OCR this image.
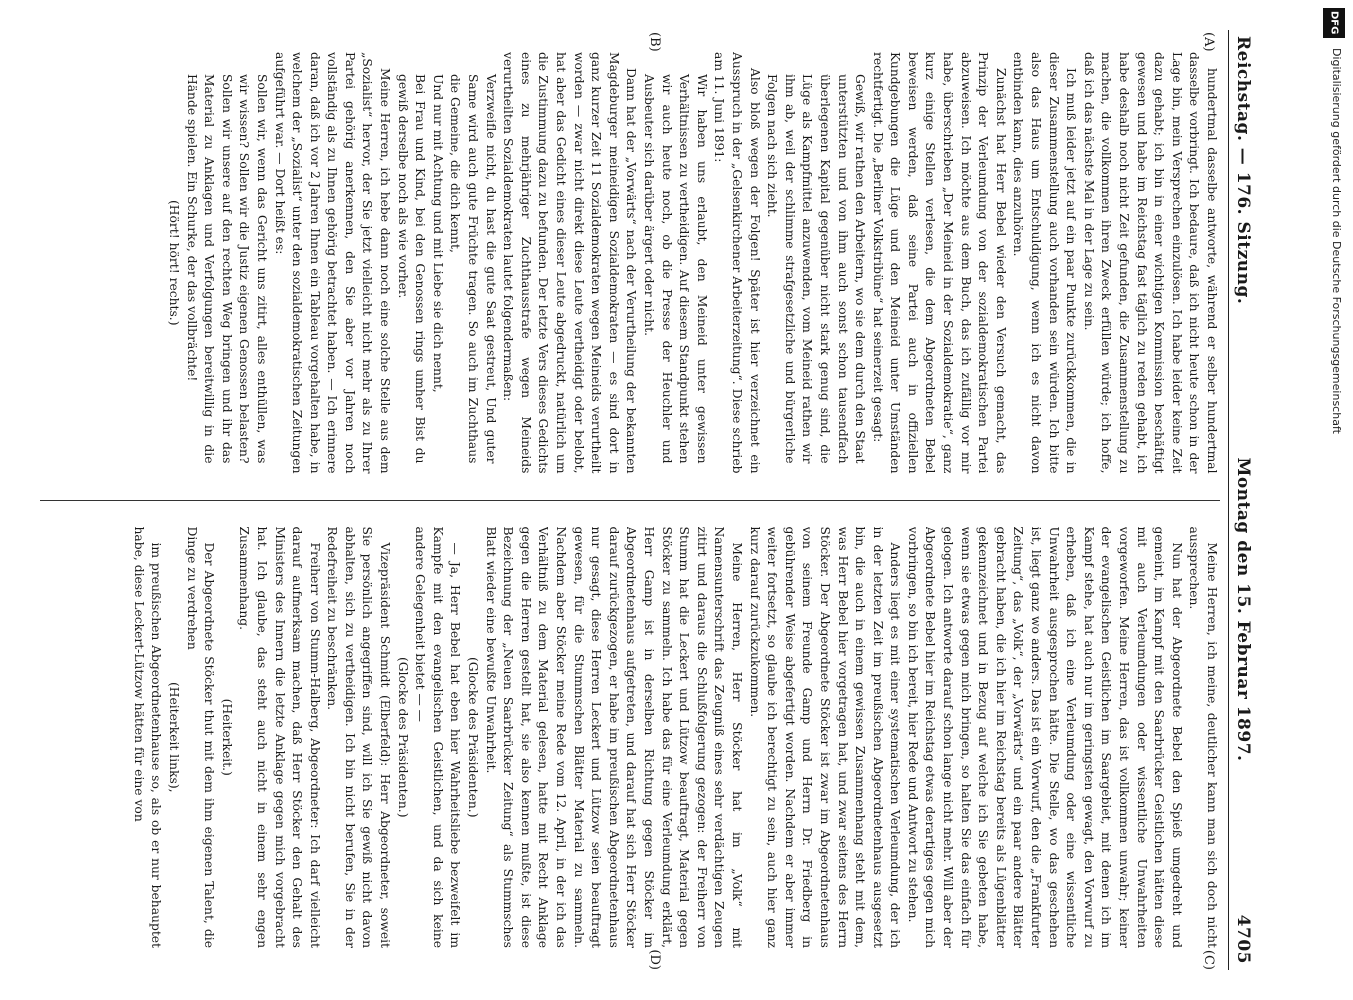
Reichstag. — 176. Sitzung.
Montag den 15. Februar 1897.
4705

hundertmal dasselbe antworte, während er selber hundertmal dasselbe vorbringt. Ich bedaure, daß ich nicht heute schon in der Lage bin, mein Versprechen einzulösen. Ich habe leider keine Zeit dazu gehabt; ich bin in einer wichtigen Kommission beschäftigt gewesen und habe im Reichstag fast täglich zu reden gehabt, ich habe deshalb noch nicht Zeit gefunden, die Zusammenstellung zu machen, die vollkommen ihren Zweck erfüllen würde; ich hoffe, daß ich das nächste Mal in der Lage zu sein.

Ich muß leider jetzt auf ein paar Punkte zurückkommen, die in dieser Zusammenstellung auch vorhanden sein würden. Ich bitte also das Haus um Entschuldigung, wenn ich es nicht davon entbinden kann, dies anzuhören.

Zunächst hat Herr Bebel wieder den Versuch gemacht, das Prinzip der Verleumdung von der sozialdemokratischen Partei abzuweisen. Ich möchte aus dem Buch, das ich zufällig vor mir habe, überschrieben „Der Meineid in der Sozialdemokratie“, ganz kurz einige Stellen verlesen, die dem Abgeordneten Bebel beweisen werden, daß seine Partei auch in offiziellen Kundgebungen die Lüge und den Meineid unter Umständen rechtfertigt. Die „Berliner Volkstribüne“ hat seinerzeit gesagt:

Gewiß, wir rathen den Arbeitern, wo sie dem durch den Staat unterstützten und von ihm auch sonst schon tausendfach überlegenen Kapital gegenüber nicht stark genug sind, die Lüge als Kampfmittel anzuwenden, vom Meineid rathen wir ihm ab, weil der schlimme strafgesetzliche und bürgerliche Folgen nach sich zieht.

Also bloß wegen der Folgen! Später ist hier verzeichnet ein Ausspruch in der „Gelsenkirchener Arbeiterzeitung“. Diese schrieb am 11. Juni 1891:

Wir haben uns erlaubt, den Meineid unter gewissen Verhältnissen zu vertheidigen. Auf diesem Standpunkt stehen wir auch heute noch, ob die Presse der Heuchler und Ausbeuter sich darüber ärgert oder nicht.

Dann hat der „Vorwärts“ nach der Verurtheilung der bekannten Magdeburger meineidigen Sozialdemokraten — es sind dort in ganz kurzer Zeit 11 Sozialdemokraten wegen Meineids verurtheilt worden — zwar nicht direkt diese Leute vertheidigt oder belobt, hat aber das Gedicht eines dieser Leute abgedruckt, natürlich um die Zustimmung dazu zu befunden. Der letzte Vers dieses Gedichts eines zu mehrjähriger Zuchthausstrafe wegen Meineids verurtheilten Sozialdemokraten lautet folgendermaßen:

Verzweifle nicht, du hast die gute Saat gestreut, Und guter Same wird auch gute Früchte tragen. So auch im Zuchthaus die Gemeine, die dich kennt,

Und nur mit Achtung und mit Liebe sie dich nennt,

Bei Frau und Kind, bei den Genossen rings umher Bist du gewiß derselbe noch als wie vorher.

Meine Herren, ich hebe dann noch eine solche Stelle aus dem „Sozialist“ hervor, der Sie jetzt vielleicht nicht mehr als zu Ihrer Partei gehörig anerkennen, den Sie aber vor Jahren noch vollständig als zu Ihnen gehörig betrachtet haben. — Ich erinnere daran, daß ich vor 2 Jahren Ihnen ein Tableau vorgehalten habe, in welchem der „Sozialist“ unter den sozialdemokratischen Zeitungen aufgeführt war. — Dort heißt es:

Sollen wir, wenn das Gericht uns zitirt, alles enthüllen, was wir wissen? Sollen wir die Justiz eigenen Genossen belasten? Sollen wir unsere auf den rechten Weg bringen und ihr das Material zu Anklagen und Verfolgungen bereitwillig in die Hände spielen. Ein Schurke, der das vollbrächte!

(Hört! hört! rechts.)

Meine Herren, ich meine, deutlicher kann man sich doch nicht aussprechen.

Nun hat der Abgeordnete Bebel den Spieß umgedreht und gemeint, im Kampf mit den Saarbrücker Geistlichen hätten diese mit auch Verleumdungen oder wissentliche Unwahrheiten vorgeworfen. Meine Herren, das ist vollkommen unwahr; keiner der evangelischen Geistlichen im Saargebiet, mit denen ich im Kampf stehe, hat auch nur im geringsten gewagt, den Vorwurf zu erheben, daß ich eine Verleumdung oder eine wissentliche Unwahrheit ausgesprochen hätte. Die Stelle, wo das geschehen ist, liegt ganz wo anders. Das ist ein Vorwurf, den die „Frankfurter Zeitung“, das „Volk“, der „Vorwärts“ und ein paar andere Blätter gebracht haben, die ich hier im Reichstag bereits als Lügenblätter gekennzeichnet und in Bezug auf welche ich Sie gebeten habe, wenn sie etwas gegen mich bringen, so halten Sie das einfach für gelogen. Ich antworte darauf schon lange nicht mehr. Will aber der Abgeordnete Bebel hier im Reichstag etwas derartiges gegen mich vorbringen, so bin ich bereit, hier Rede und Antwort zu stehen.

Anders liegt es mit einer systematischen Verleumdung, der ich in der letzten Zeit im preußischen Abgeordnetenhaus ausgesetzt bin, die auch in einem gewissen Zusammenhang steht mit dem, was Herr Bebel hier vorgetragen hat, und zwar seitens des Herrn Stöcker. Der Abgeordnete Stöcker ist zwar im Abgeordnetenhaus von seinem Freunde Gamp und Herrn Dr. Friedberg in gebührender Weise abgefertigt worden. Nachdem er aber immer weiter fortsetzt, so glaube ich berechtigt zu sein, auch hier ganz kurz darauf zurückzukommen.

Meine Herren, Herr Stöcker hat im „Volk“ mit Namensunterschrift das Zeugniß eines sehr verdächtigen Zeugen zitirt und daraus die Schlußfolgerung gezogen: der Freiherr von Stumm hat die Leckert und Lützow beauftragt, Material gegen Stöcker zu sammeln. Ich habe das für eine Verleumdung erklärt, Herr Gamp ist in derselben Richtung gegen Stöcker im Abgeordnetenhaus aufgetreten, und darauf hat sich Herr Stöcker darauf zurückgezogen, er habe im preußischen Abgeordnetenhaus nur gesagt, diese Herren Leckert und Lützow seien beauftragt gewesen, für die Stummschen Blätter Material zu sammeln. Nachdem aber Stöcker meine Rede vom 12. April, in der ich das Verhältniß zu dem Material gelesen, hatte mit Recht Anklage gegen die Herren gestellt hat, sie also kennen mußte, ist diese Bezeichnung der „Neuen Saarbrücker Zeitung“ als Stummsches Blatt wieder eine bewußte Unwahrheit.

(Glocke des Präsidenten.)

— Ja, Herr Bebel hat eben hier Wahrheitsliebe bezweifelt im Kampfe mit den evangelischen Geistlichen, und da sich keine andere Gelegenheit bietet — —

(Glocke des Präsidenten.)

Vizepräsident Schmidt (Elberfeld): Herr Abgeordneter, soweit Sie persönlich angegriffen sind, will ich Sie gewiß nicht davon abhalten, sich zu vertheidigen. Ich bin nicht berufen, Sie in der Redefreiheit zu beschränken.

Freiherr von Stumm-Halberg, Abgeordneter: Ich darf vielleicht darauf aufmerksam machen, daß Herr Stöcker den Gehalt des Ministers des Innern die letzte Anklage gegen mich vorgebracht hat. Ich glaube, das steht auch nicht in einem sehr engen Zusammenhang.

(Heiterkeit.)

Der Abgeordnete Stöcker thut mit dem ihm eigenen Talent, die Dinge zu verdrehen

(Heiterkeit links),

im preußischen Abgeordnetenhause so, als ob er nur behauptet habe, diese Leckert-Lützow hätten für eine von

(A)
(B)
(C)
(D)
DFG
Digitalisierung gefördert durch die Deutsche Forschungsgemeinschaft
